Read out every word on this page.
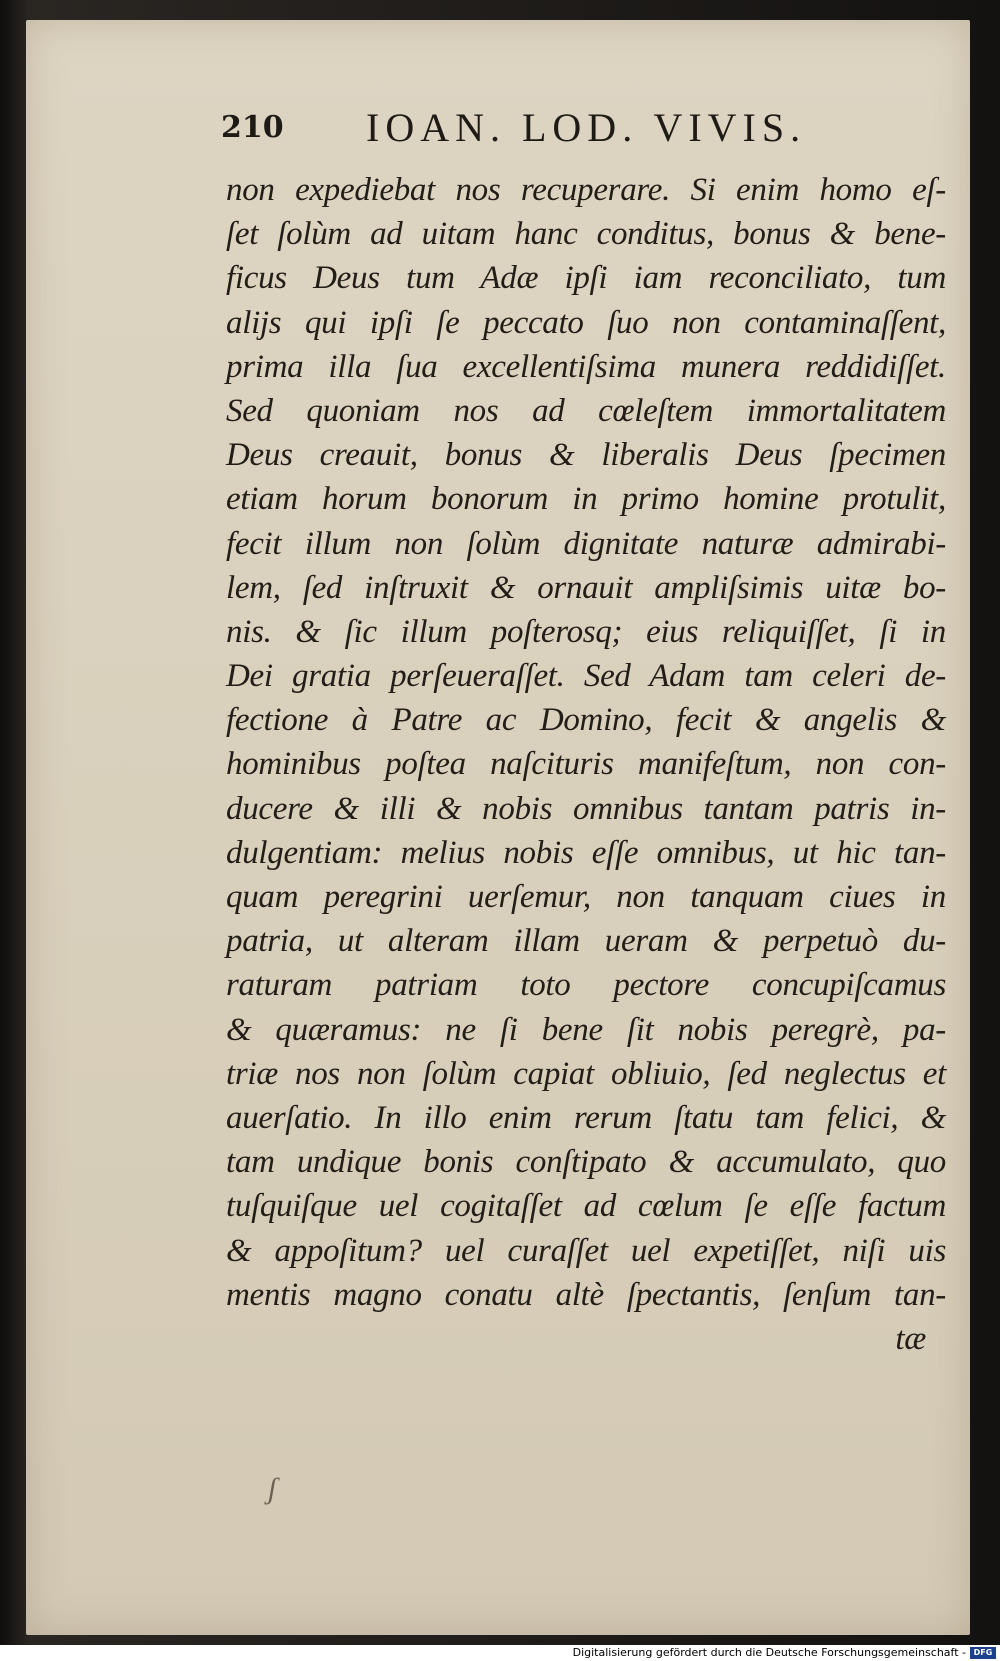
210 IOAN. LOD. VIVIS.
non expediebat nos recuperare. Si enim homo eſ-
ſet ſolùm ad uitam hanc conditus, bonus & bene-
ficus Deus tum Adæ ipſi iam reconciliato, tum
alijs qui ipſi ſe peccato ſuo non contaminaſſent,
prima illa ſua excellentiſsima munera reddidiſſet.
Sed quoniam nos ad cœleſtem immortalitatem
Deus creauit, bonus & liberalis Deus ſpecimen
etiam horum bonorum in primo homine protulit,
fecit illum non ſolùm dignitate naturæ admirabi-
lem, ſed inſtruxit & ornauit ampliſsimis uitæ bo-
nis. & ſic illum poſterosq; eius reliquiſſet, ſi in
Dei gratia perſeueraſſet. Sed Adam tam celeri de-
fectione à Patre ac Domino, fecit & angelis &
hominibus poſtea naſcituris manifeſtum, non con-
ducere & illi & nobis omnibus tantam patris in-
dulgentiam: melius nobis eſſe omnibus, ut hic tan-
quam peregrini uerſemur, non tanquam ciues in
patria, ut alteram illam ueram & perpetuò du-
raturam patriam toto pectore concupiſcamus
& quæramus: ne ſi bene ſit nobis peregrè, pa-
triæ nos non ſolùm capiat obliuio, ſed neglectus et
auerſatio. In illo enim rerum ſtatu tam felici, &
tam undique bonis conſtipato & accumulato, quo
tuſquiſque uel cogitaſſet ad cœlum ſe eſſe factum
& appoſitum? uel curaſſet uel expetiſſet, niſi uis
mentis magno conatu altè ſpectantis, ſenſum tan-
tæ
ʃ
Digitalisierung gefördert durch die Deutsche Forschungsgemeinschaft - DFG
